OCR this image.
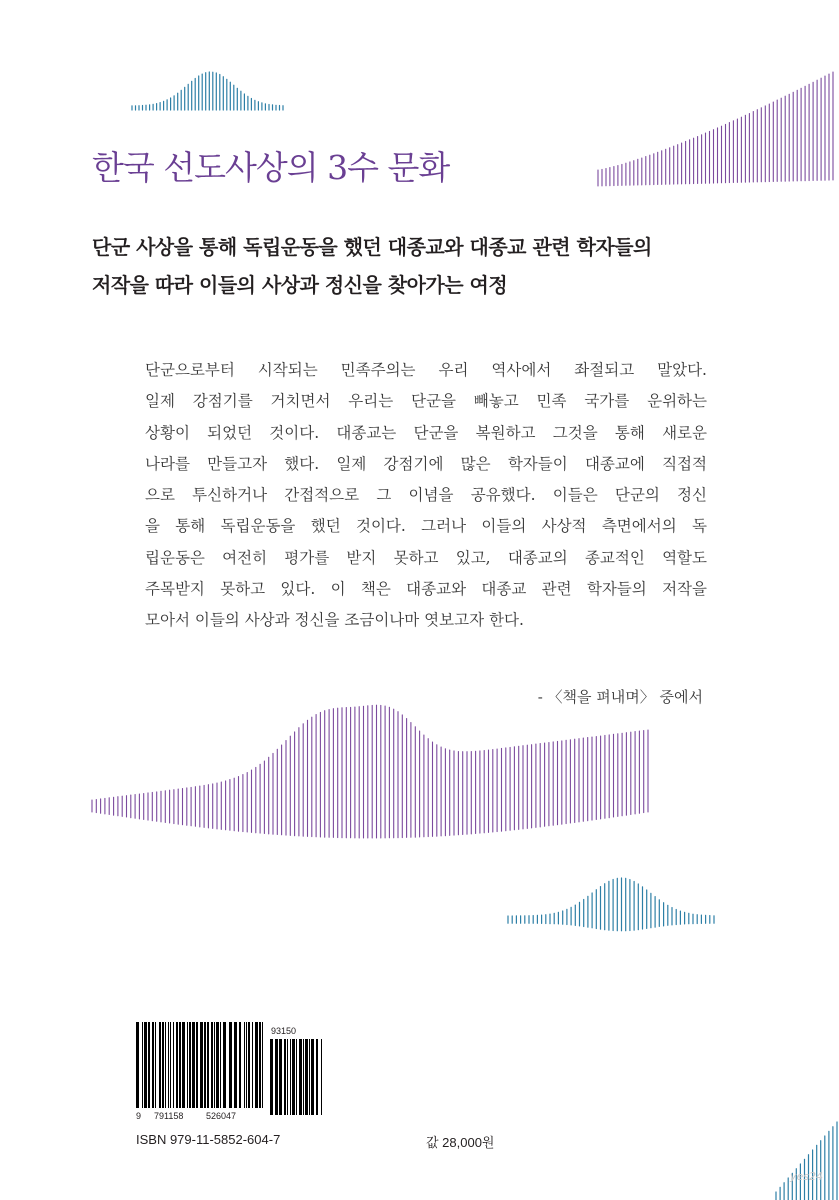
한국 선도사상의 3수 문화
단군 사상을 통해 독립운동을 했던 대종교와 대종교 관련 학자들의
저작을 따라 이들의 사상과 정신을 찾아가는 여정
단군으로부터 시작되는 민족주의는 우리 역사에서 좌절되고 말았다.
일제 강점기를 거치면서 우리는 단군을 빼놓고 민족 국가를 운위하는
상황이 되었던 것이다. 대종교는 단군을 복원하고 그것을 통해 새로운
나라를 만들고자 했다. 일제 강점기에 많은 학자들이 대종교에 직접적
으로 투신하거나 간접적으로 그 이념을 공유했다. 이들은 단군의 정신
을 통해 독립운동을 했던 것이다. 그러나 이들의 사상적 측면에서의 독
립운동은 여전히 평가를 받지 못하고 있고, 대종교의 종교적인 역할도
주목받지 못하고 있다. 이 책은 대종교와 대종교 관련 학자들의 저작을
모아서 이들의 사상과 정신을 조금이나마 엿보고자 한다.
- 〈책을 펴내며〉 중에서
9 791158	526047
93150
ISBN 979-11-5852-604-7	값 28,000원
yes24
